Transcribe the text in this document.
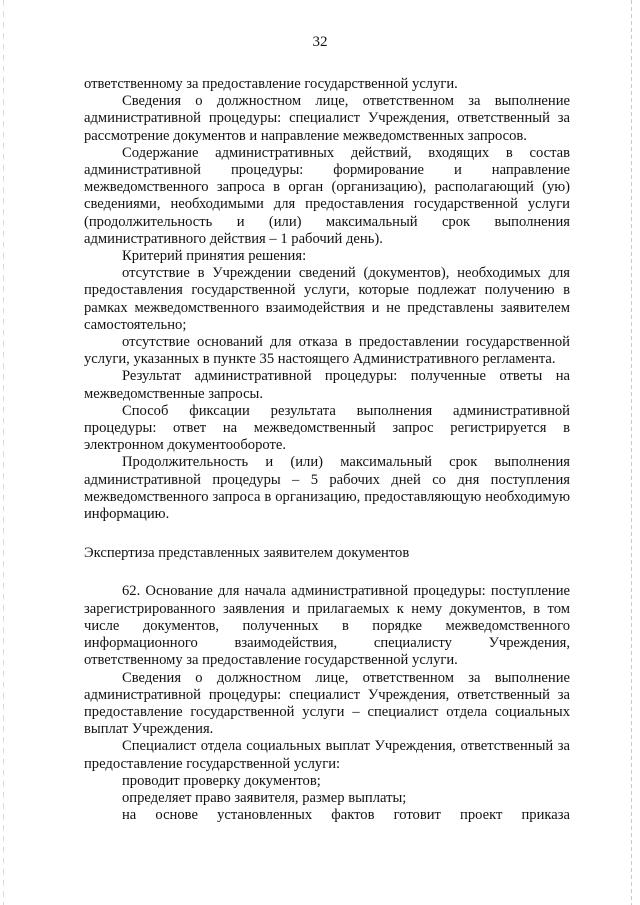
32

ответственному за предоставление государственной услуги.

Сведения о должностном лице, ответственном за выполнение административной процедуры: специалист Учреждения, ответственный за рассмотрение документов и направление межведомственных запросов.

Содержание административных действий, входящих в состав административной процедуры: формирование и направление межведомственного запроса в орган (организацию), располагающий (ую) сведениями, необходимыми для предоставления государственной услуги (продолжительность и (или) максимальный срок выполнения административного действия – 1 рабочий день).

Критерий принятия решения:

отсутствие в Учреждении сведений (документов), необходимых для предоставления государственной услуги, которые подлежат получению в рамках межведомственного взаимодействия и не представлены заявителем самостоятельно;

отсутствие оснований для отказа в предоставлении государственной услуги, указанных в пункте 35 настоящего Административного регламента.

Результат административной процедуры: полученные ответы на межведомственные запросы.

Способ фиксации результата выполнения административной процедуры: ответ на межведомственный запрос регистрируется в электронном документообороте.

Продолжительность и (или) максимальный срок выполнения административной процедуры – 5 рабочих дней со дня поступления межведомственного запроса в организацию, предоставляющую необходимую информацию.

Экспертиза представленных заявителем документов

62. Основание для начала административной процедуры: поступление зарегистрированного заявления и прилагаемых к нему документов, в том числе документов, полученных в порядке межведомственного информационного взаимодействия, специалисту Учреждения, ответственному за предоставление государственной услуги.

Сведения о должностном лице, ответственном за выполнение административной процедуры: специалист Учреждения, ответственный за предоставление государственной услуги – специалист отдела социальных выплат Учреждения.

Специалист отдела социальных выплат Учреждения, ответственный за предоставление государственной услуги:

проводит проверку документов;

определяет право заявителя, размер выплаты;

на основе установленных фактов готовит проект приказа
